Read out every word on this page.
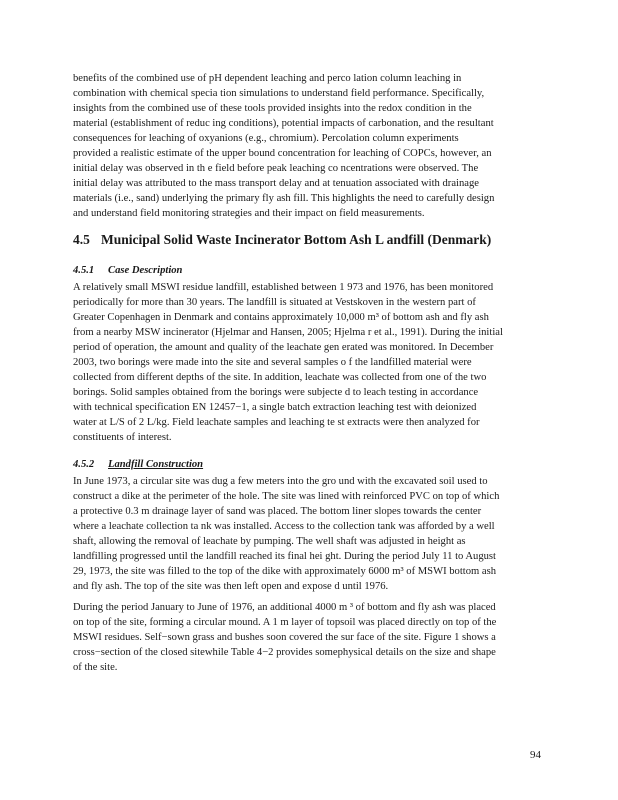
benefits of the combined use of pH dependent leaching and perco lation column leaching in
combination with chemical specia tion simulations to understand field performance. Specifically,
insights from the combined use of these tools provided insights into the redox condition in the
material (establishment of reduc ing conditions), potential impacts of carbonation, and the resultant
consequences for leaching of oxyanions (e.g., chromium). Percolation column experiments
provided a realistic estimate of the upper bound concentration for leaching of COPCs, however, an
initial delay was observed in th e field before peak leaching co ncentrations were observed. The
initial delay was attributed to the mass transport delay and at tenuation associated with drainage
materials (i.e., sand) underlying the primary fly ash fill. This highlights the need to carefully design
and understand field monitoring strategies and their impact on field measurements.
4.5 Municipal Solid Waste Incinerator Bottom Ash L andfill (Denmark)
4.5.1 Case Description
A relatively small MSWI residue landfill, established between 1 973 and 1976, has been monitored
periodically for more than 30 years. The landfill is situated at Vestskoven in the western part of
Greater Copenhagen in Denmark and contains approximately 10,000 m³ of bottom ash and fly ash
from a nearby MSW incinerator (Hjelmar and Hansen, 2005; Hjelma r et al., 1991). During the initial
period of operation, the amount and quality of the leachate gen erated was monitored. In December
2003, two borings were made into the site and several samples o f the landfilled material were
collected from different depths of the site. In addition, leachate was collected from one of the two
borings. Solid samples obtained from the borings were subjecte d to leach testing in accordance
with technical specification EN 12457−1, a single batch extraction leaching test with deionized
water at L/S of 2 L/kg. Field leachate samples and leaching te st extracts were then analyzed for
constituents of interest.
4.5.2 Landfill Construction
In June 1973, a circular site was dug a few meters into the gro und with the excavated soil used to
construct a dike at the perimeter of the hole. The site was lined with reinforced PVC on top of which
a protective 0.3 m drainage layer of sand was placed. The bottom liner slopes towards the center
where a leachate collection ta nk was installed. Access to the collection tank was afforded by a well
shaft, allowing the removal of leachate by pumping. The well shaft was adjusted in height as
landfilling progressed until the landfill reached its final hei ght. During the period July 11 to August
29, 1973, the site was filled to the top of the dike with approximately 6000 m³ of MSWI bottom ash
and fly ash. The top of the site was then left open and expose d until 1976.
During the period January to June of 1976, an additional 4000 m ³ of bottom and fly ash was placed
on top of the site, forming a circular mound. A 1 m layer of topsoil was placed directly on top of the
MSWI residues. Self−sown grass and bushes soon covered the sur face of the site. Figure 1 shows a
cross−section of the closed sitewhile Table 4−2 provides somephysical details on the size and shape
of the site.
94
